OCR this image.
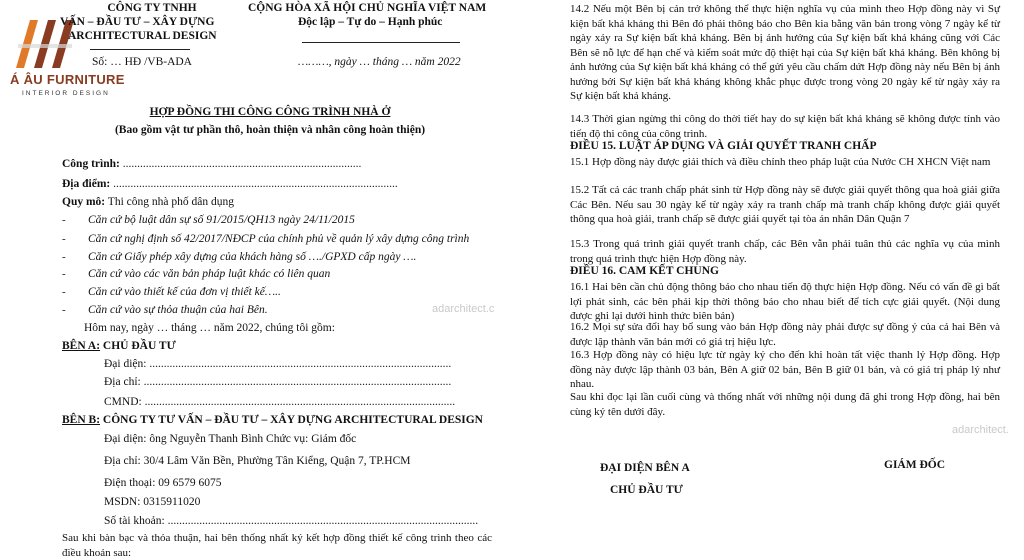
Á ÂU FURNITURE
INTERIOR DESIGN
CÔNG TY TNHH
VẤN – ĐẦU TƯ – XÂY DỰNG
ARCHITECTURAL DESIGN
Số: … HĐ /VB-ADA
CỘNG HÒA XÃ HỘI CHỦ NGHĨA VIỆT NAM
Độc lập – Tự do – Hạnh phúc
………, ngày … tháng … năm 2022
HỢP ĐỒNG THI CÔNG CÔNG TRÌNH NHÀ Ở
(Bao gồm vật tư phần thô, hoàn thiện và nhân công hoàn thiện)
Công trình: ...................................................................................
Địa điểm: ...................................................................................................
Quy mô: Thi công nhà phố dân dụng
- Căn cứ bộ luật dân sự số 91/2015/QH13 ngày 24/11/2015
- Căn cứ nghị định số 42/2017/NĐCP của chính phủ về quản lý xây dựng công trình
- Căn cứ Giấy phép xây dựng của khách hàng số …./GPXD cấp ngày ….
- Căn cứ vào các văn bản pháp luật khác có liên quan
- Căn cứ vào thiết kế của đơn vị thiết kế…..
- Căn cứ vào sự thỏa thuận của hai Bên.	adarchitect.c
Hôm nay, ngày … tháng … năm 2022, chúng tôi gồm:
BÊN A: CHỦ ĐẦU TƯ
Đại diện: .........................................................................................................
Địa chỉ: ...........................................................................................................
CMND: ............................................................................................................
BÊN B: CÔNG TY TƯ VẤN – ĐẦU TƯ – XÂY DỰNG ARCHITECTURAL DESIGN
Đại diện: ông Nguyễn Thanh Bình Chức vụ: Giám đốc
Địa chỉ: 30/4 Lâm Văn Bền, Phường Tân Kiểng, Quận 7, TP.HCM
Điện thoại: 09 6579 6075
MSDN: 0315911020
Số tài khoản: ............................................................................................................
Sau khi bàn bạc và thỏa thuận, hai bên thống nhất ký kết hợp đồng thiết kế công trình theo các điều khoản sau:
14.2 Nếu một Bên bị cản trở không thể thực hiện nghĩa vụ của mình theo Hợp đồng này vì Sự kiện bất khả kháng thì Bên đó phải thông báo cho Bên kia bằng văn bản trong vòng 7 ngày kể từ ngày xảy ra Sự kiện bất khả kháng. Bên bị ảnh hưởng của Sự kiện bất khả kháng cũng với Các Bên sẽ nỗ lực để hạn chế và kiểm soát mức độ thiệt hại của Sự kiện bất khả kháng. Bên không bị ảnh hưởng của Sự kiện bất khả kháng có thể gửi yêu cầu chấm dứt Hợp đồng này nếu Bên bị ảnh hưởng bởi Sự kiện bất khả kháng không khắc phục được trong vòng 20 ngày kể từ ngày xảy ra Sự kiện bất khả kháng.
14.3 Thời gian ngừng thi công do thời tiết hay do sự kiện bất khả kháng sẽ không được tính vào tiến độ thi công của công trình.
ĐIỀU 15. LUẬT ÁP DỤNG VÀ GIẢI QUYẾT TRANH CHẤP
15.1 Hợp đồng này được giải thích và điều chỉnh theo pháp luật của Nước CH XHCN Việt nam
15.2 Tất cả các tranh chấp phát sinh từ Hợp đồng này sẽ được giải quyết thông qua hoà giải giữa Các Bên. Nếu sau 30 ngày kể từ ngày xảy ra tranh chấp mà tranh chấp không được giải quyết thông qua hoà giải, tranh chấp sẽ được giải quyết tại tòa án nhân Dân Quận 7
15.3 Trong quá trình giải quyết tranh chấp, các Bên vẫn phải tuân thủ các nghĩa vụ của mình trong quá trình thực hiện Hợp đồng này.
ĐIỀU 16. CAM KẾT CHUNG
16.1 Hai bên cần chủ động thông báo cho nhau tiến độ thực hiện Hợp đồng. Nếu có vấn đề gì bất lợi phát sinh, các bên phải kịp thời thông báo cho nhau biết để tích cực giải quyết. (Nội dung được ghi lại dưới hình thức biên bản)
16.2 Mọi sự sửa đổi hay bổ sung vào bản Hợp đồng này phải được sự đồng ý của cả hai Bên và được lập thành văn bản mới có giá trị hiệu lực.
16.3 Hợp đồng này có hiệu lực từ ngày ký cho đến khi hoàn tất việc thanh lý Hợp đồng. Hợp đồng này được lập thành 03 bản, Bên A giữ 02 bản, Bên B giữ 01 bản, và có giá trị pháp lý như nhau.
Sau khi đọc lại lần cuối cùng và thống nhất với những nội dung đã ghi trong Hợp đồng, hai bên cùng ký tên dưới đây.
adarchitect.
ĐẠI DIỆN BÊN A
CHỦ ĐẦU TƯ
GIÁM ĐỐC
